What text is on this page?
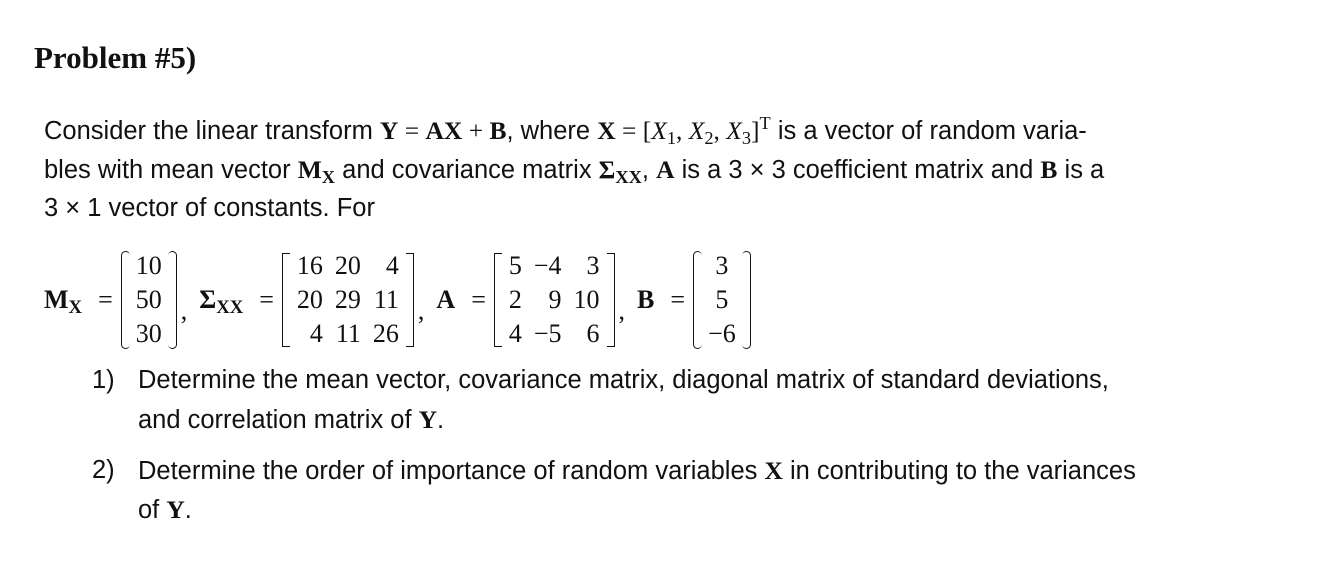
Problem #5)
Consider the linear transform Y = AX + B, where $X = [X_1$, $X_2$, $X_3]^T$ is a vector of random varia-
bles with mean vector $M_X$ and covariance matrix $\Sigma_{XX}$, A is a 3 × 3 coefficient matrix and B is a
3 × 1 vector of constants. For
$M_X$ =
10
50
30
, $\Sigma_{XX}$ =
16 20 4
20 29 11
4 11 26
, A =
5 −4 3
2	9 10
4 −5 6
, B =
3
5
−6
1) Determine the mean vector, covariance matrix, diagonal matrix of standard deviations,
and correlation matrix of Y.
2) Determine the order of importance of random variables X in contributing to the variances
of Y.
